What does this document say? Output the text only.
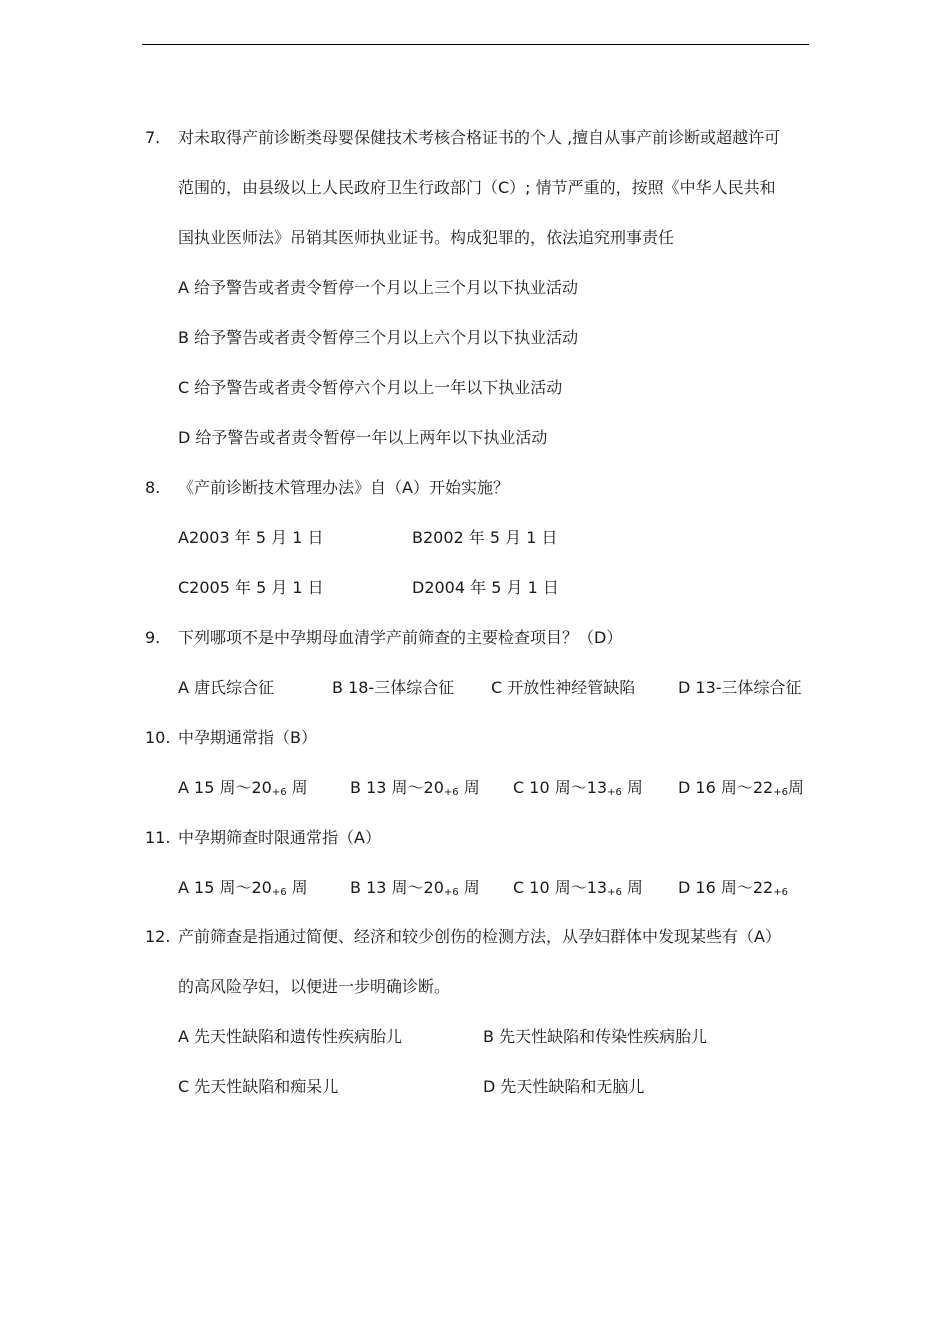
7. 对未取得产前诊断类母婴保健技术考核合格证书的个人 ,擅自从事产前诊断或超越许可
范围的，由县级以上人民政府卫生行政部门（C）; 情节严重的，按照《中华人民共和
国执业医师法》吊销其医师执业证书。构成犯罪的，依法追究刑事责任
A 给予警告或者责令暂停一个月以上三个月以下执业活动
B 给予警告或者责令暂停三个月以上六个月以下执业活动
C 给予警告或者责令暂停六个月以上一年以下执业活动
D 给予警告或者责令暂停一年以上两年以下执业活动
8. 《产前诊断技术管理办法》自（A）开始实施？
A2003 年 5 月 1 日	B2002 年 5 月 1 日
C2005 年 5 月 1 日	D2004 年 5 月 1 日
9. 下列哪项不是中孕期母血清学产前筛查的主要检查项目？（D）
A 唐氏综合征	B 18-三体综合征 C 开放性神经管缺陷	D 13-三体综合征
10. 中孕期通常指（B）
A 15 周$\sim 20_{+6}$ 周	B 13 周$\sim 20_{+6}$ 周 C 10 周$\sim 13_{+6}$ 周 D 16 周$\sim 22_{+6}$周
11. 中孕期筛查时限通常指（A）
A 15 周$\sim 20_{+6}$ 周	B 13 周$\sim 20_{+6}$ 周 C 10 周$\sim 13_{+6}$ 周 D 16 周$\sim 22_{+6}$
12. 产前筛查是指通过简便、经济和较少创伤的检测方法，从孕妇群体中发现某些有（A）
的高风险孕妇，以便进一步明确诊断。
A 先天性缺陷和遗传性疾病胎儿	B 先天性缺陷和传染性疾病胎儿
C 先天性缺陷和痴呆儿	D 先天性缺陷和无脑儿
